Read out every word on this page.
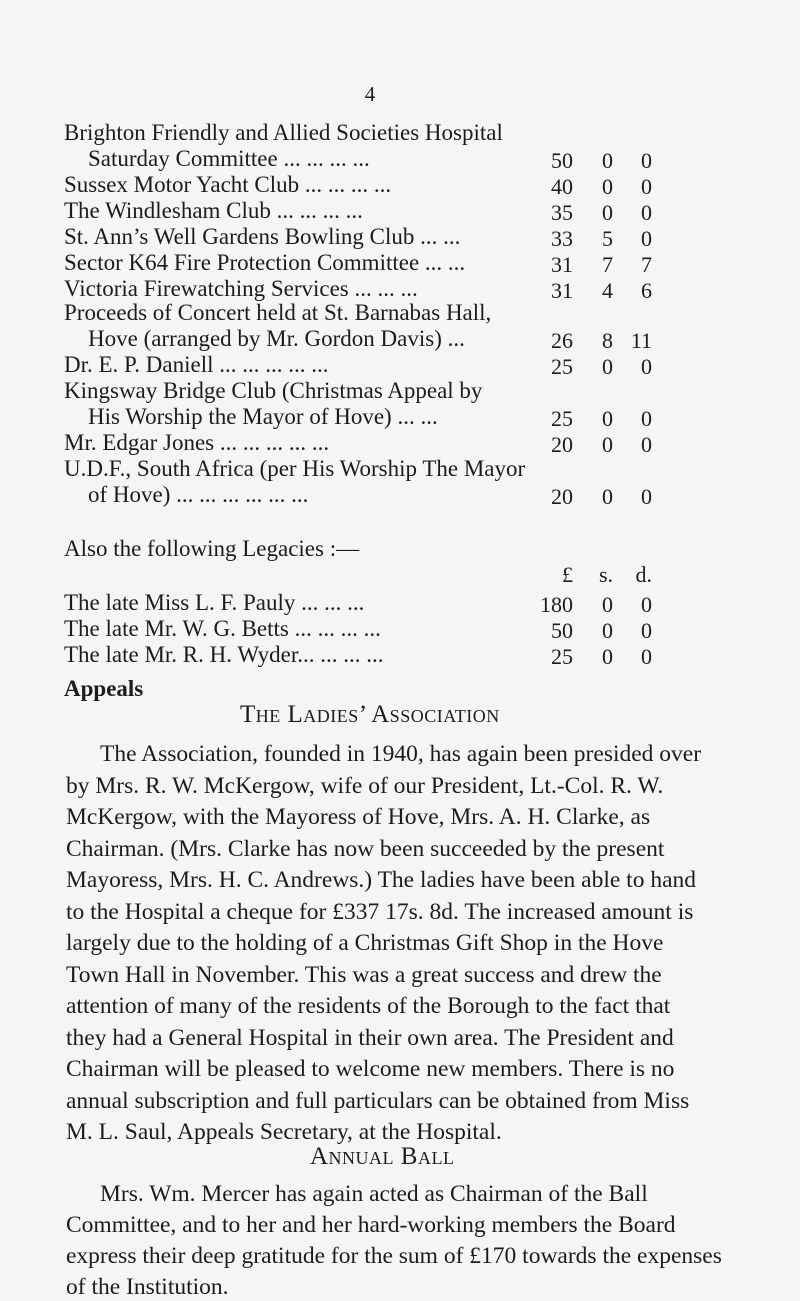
4
Brighton Friendly and Allied Societies Hospital
Saturday Committee ... ... ... ...	50 0 0
Sussex Motor Yacht Club ... ... ... ...	40 0 0
The Windlesham Club ... ... ... ...	35 0 0
St. Ann’s Well Gardens Bowling Club ... ...	33 5 0
Sector K64 Fire Protection Committee ... ...	31 7 7
Victoria Firewatching Services ... ... ...	31 4 6
Proceeds of Concert held at St. Barnabas Hall,
Hove (arranged by Mr. Gordon Davis) ...	26 8 11
Dr. E. P. Daniell ... ... ... ... ...	25 0 0
Kingsway Bridge Club (Christmas Appeal by
His Worship the Mayor of Hove) ... ...	25 0 0
Mr. Edgar Jones ... ... ... ... ...	20 0 0
U.D.F., South Africa (per His Worship The Mayor
of Hove) ... ... ... ... ... ...	20 0 0
Also the following Legacies :—
£ s. d.
The late Miss L. F. Pauly ... ... ...	180 0 0
The late Mr. W. G. Betts ... ... ... ...	50 0 0
The late Mr. R. H. Wyder... ... ... ...	25 0 0
Appeals
The Ladies’ Association
The Association, founded in 1940, has again been presided over
by Mrs. R. W. McKergow, wife of our President, Lt.-Col. R. W.
McKergow, with the Mayoress of Hove, Mrs. A. H. Clarke, as
Chairman. (Mrs. Clarke has now been succeeded by the present
Mayoress, Mrs. H. C. Andrews.) The ladies have been able to hand
to the Hospital a cheque for £337 17s. 8d. The increased amount is
largely due to the holding of a Christmas Gift Shop in the Hove
Town Hall in November. This was a great success and drew the
attention of many of the residents of the Borough to the fact that
they had a General Hospital in their own area. The President and
Chairman will be pleased to welcome new members. There is no
annual subscription and full particulars can be obtained from Miss
M. L. Saul, Appeals Secretary, at the Hospital.
Annual Ball
Mrs. Wm. Mercer has again acted as Chairman of the Ball
Committee, and to her and her hard-working members the Board
express their deep gratitude for the sum of £170 towards the expenses
of the Institution.
